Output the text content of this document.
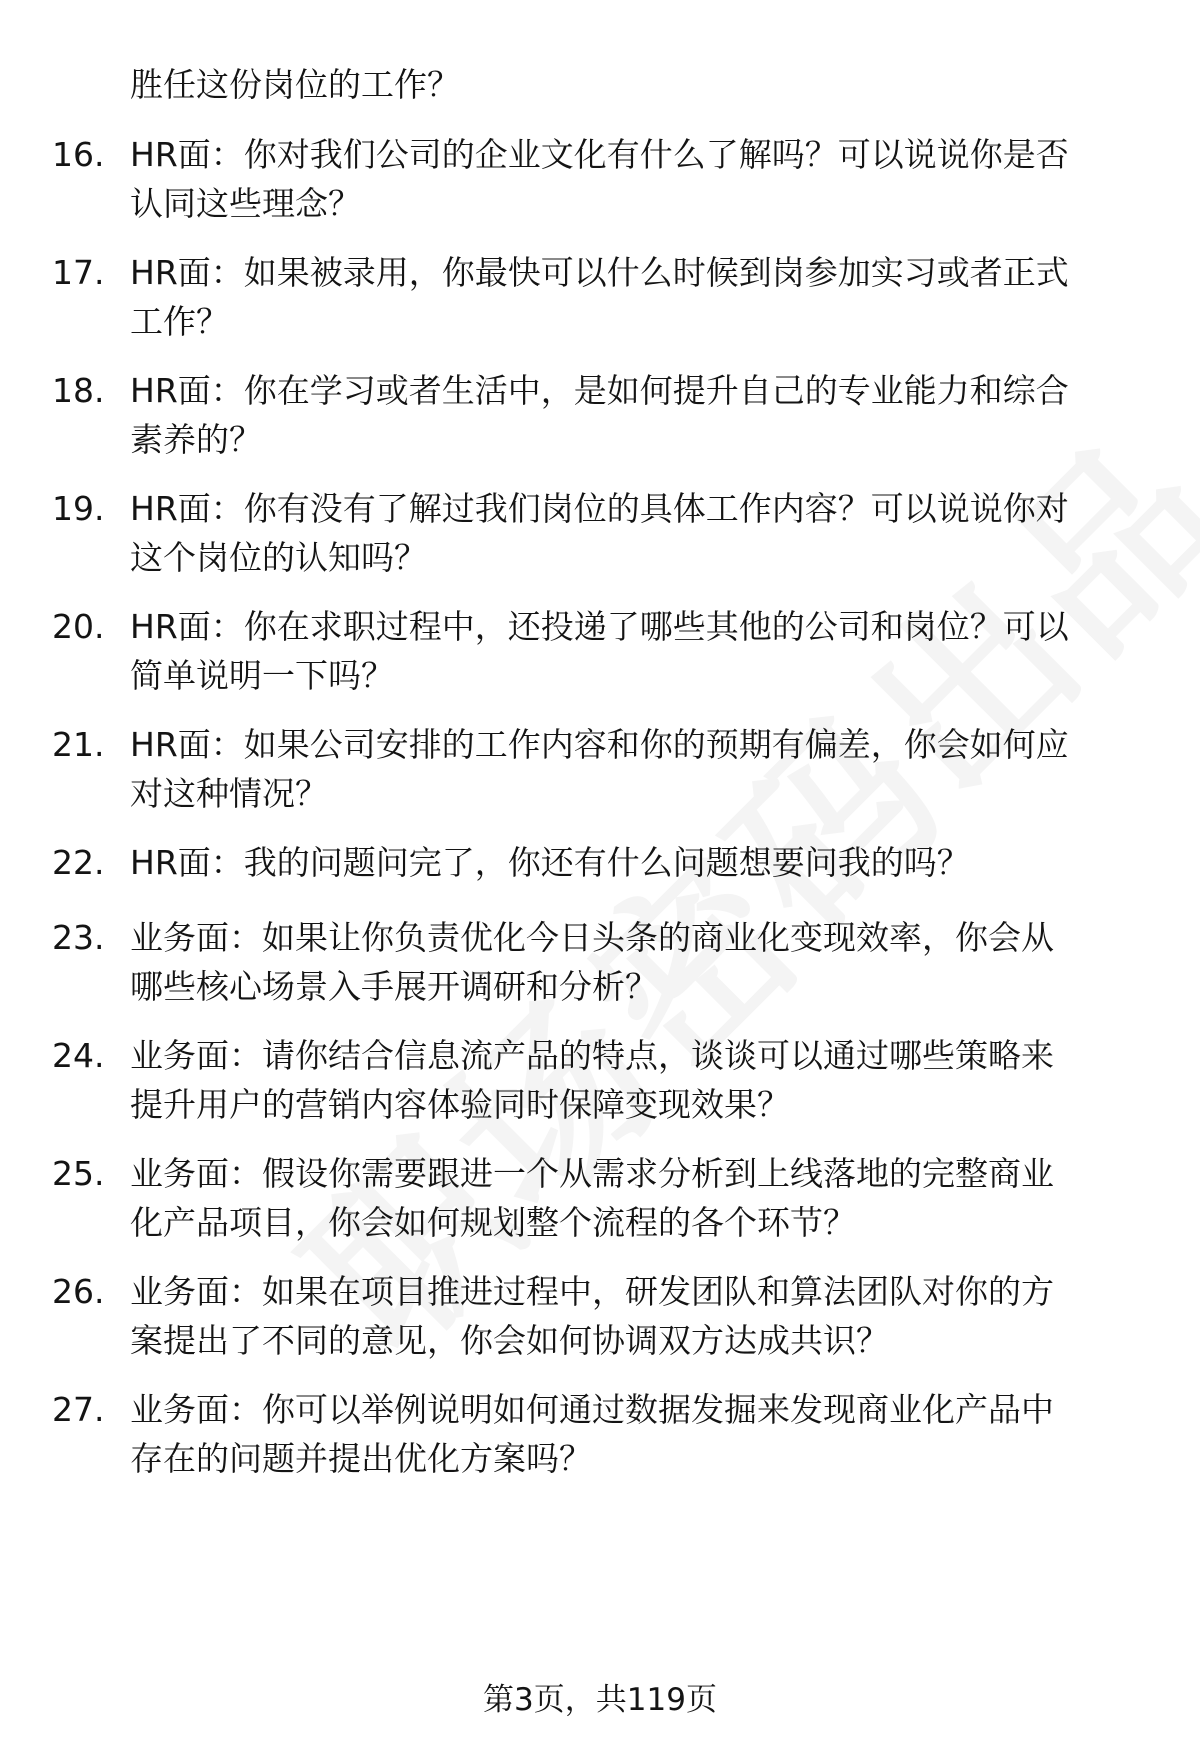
胜任这份岗位的工作？
16. HR面：你对我们公司的企业文化有什么了解吗？可以说说你是否
认同这些理念？
17. HR面：如果被录用，你最快可以什么时候到岗参加实习或者正式
工作？
18. HR面：你在学习或者生活中，是如何提升自己的专业能力和综合
素养的？
19. HR面：你有没有了解过我们岗位的具体工作内容？可以说说你对
这个岗位的认知吗？
20. HR面：你在求职过程中，还投递了哪些其他的公司和岗位？可以
简单说明一下吗？
21. HR面：如果公司安排的工作内容和你的预期有偏差，你会如何应
对这种情况？
22. HR面：我的问题问完了，你还有什么问题想要问我的吗？
23. 业务面：如果让你负责优化今日头条的商业化变现效率，你会从
哪些核心场景入手展开调研和分析？
24. 业务面：请你结合信息流产品的特点，谈谈可以通过哪些策略来
提升用户的营销内容体验同时保障变现效果？
25. 业务面：假设你需要跟进一个从需求分析到上线落地的完整商业
化产品项目，你会如何规划整个流程的各个环节？
26. 业务面：如果在项目推进过程中，研发团队和算法团队对你的方
案提出了不同的意见，你会如何协调双方达成共识？
27. 业务面：你可以举例说明如何通过数据发掘来发现商业化产品中
存在的问题并提出优化方案吗？
第3页，共119页
